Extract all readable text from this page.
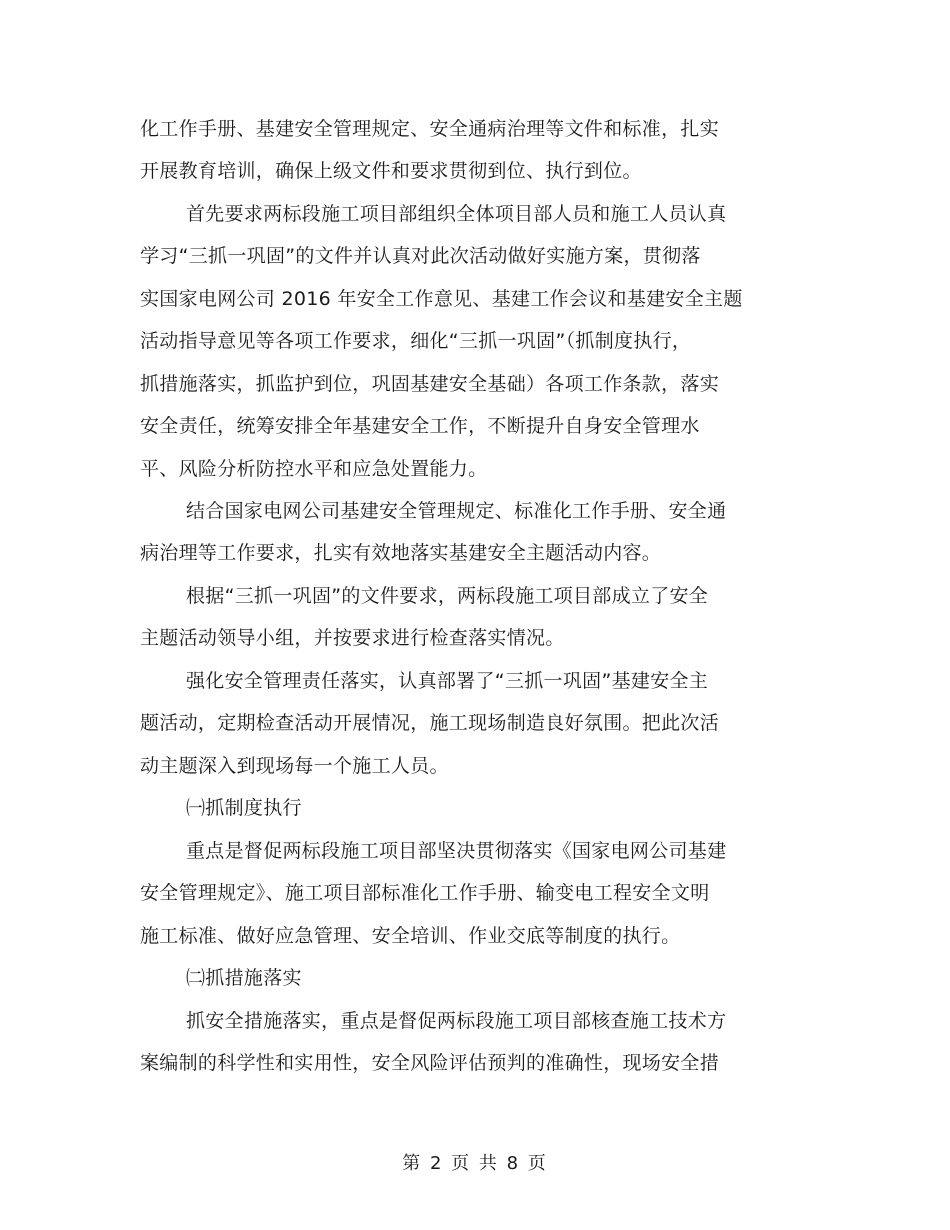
化工作手册、基建安全管理规定、安全通病治理等文件和标准，扎实
开展教育培训，确保上级文件和要求贯彻到位、执行到位。
首先要求两标段施工项目部组织全体项目部人员和施工人员认真
学习“三抓一巩固”的文件并认真对此次活动做好实施方案，贯彻落
实国家电网公司 2016 年安全工作意见、基建工作会议和基建安全主题
活动指导意见等各项工作要求，细化“三抓一巩固”（抓制度执行，
抓措施落实，抓监护到位，巩固基建安全基础）各项工作条款，落实
安全责任，统筹安排全年基建安全工作，不断提升自身安全管理水
平、风险分析防控水平和应急处置能力。
结合国家电网公司基建安全管理规定、标准化工作手册、安全通
病治理等工作要求，扎实有效地落实基建安全主题活动内容。
根据“三抓一巩固”的文件要求，两标段施工项目部成立了安全
主题活动领导小组，并按要求进行检查落实情况。
强化安全管理责任落实，认真部署了“三抓一巩固”基建安全主
题活动，定期检查活动开展情况，施工现场制造良好氛围。把此次活
动主题深入到现场每一个施工人员。
㈠抓制度执行
重点是督促两标段施工项目部坚决贯彻落实《国家电网公司基建
安全管理规定》、施工项目部标准化工作手册、输变电工程安全文明
施工标准、做好应急管理、安全培训、作业交底等制度的执行。
㈡抓措施落实
抓安全措施落实，重点是督促两标段施工项目部核查施工技术方
案编制的科学性和实用性，安全风险评估预判的准确性，现场安全措
第 2 页 共 8 页
